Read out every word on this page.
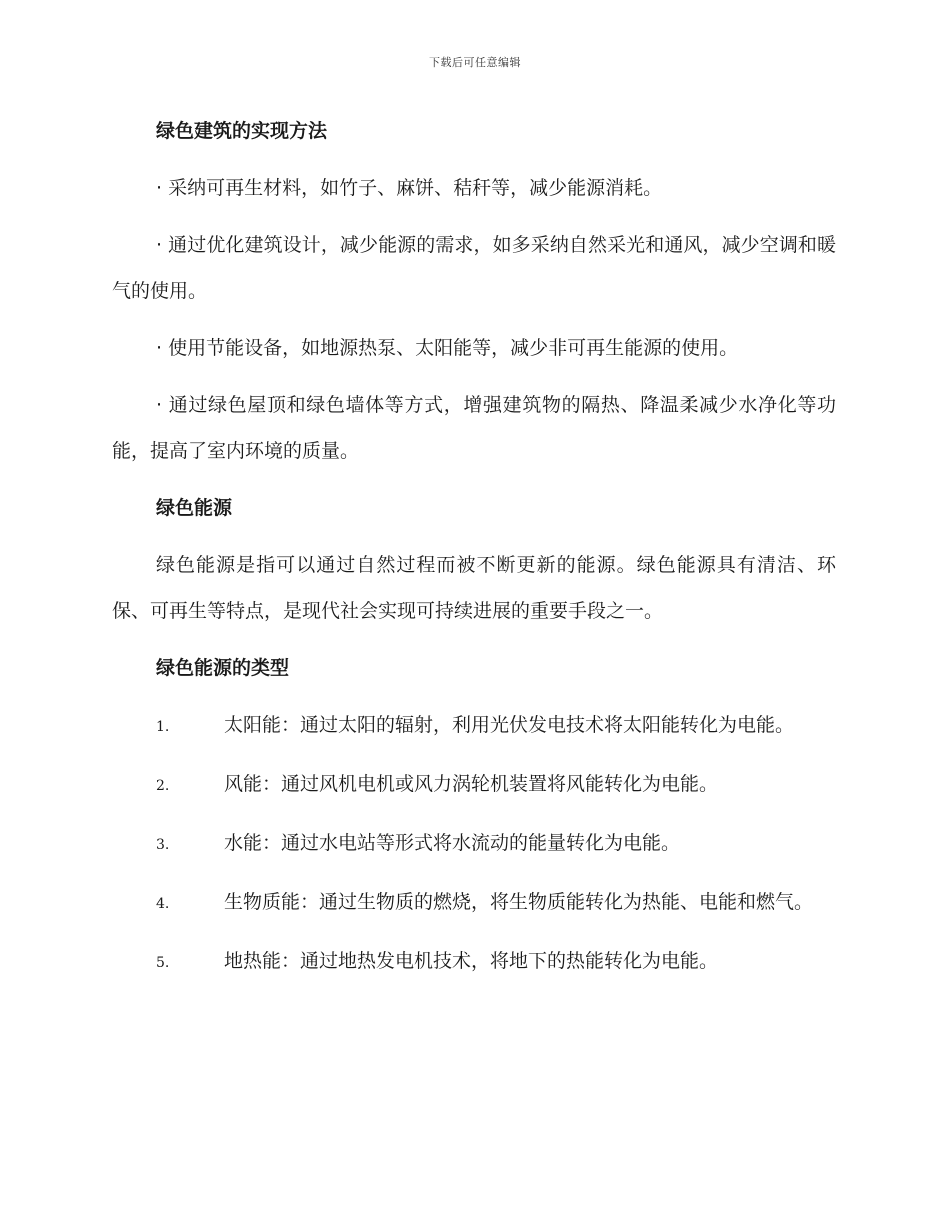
下载后可任意编辑
绿色建筑的实现方法

· 采纳可再生材料，如竹子、麻饼、秸秆等，减少能源消耗。

· 通过优化建筑设计，减少能源的需求，如多采纳自然采光和通风，减少空调和暖气的使用。

· 使用节能设备，如地源热泵、太阳能等，减少非可再生能源的使用。

· 通过绿色屋顶和绿色墙体等方式，增强建筑物的隔热、降温柔减少水净化等功能，提高了室内环境的质量。

绿色能源

绿色能源是指可以通过自然过程而被不断更新的能源。绿色能源具有清洁、环保、可再生等特点，是现代社会实现可持续进展的重要手段之一。

绿色能源的类型

1.	太阳能：通过太阳的辐射，利用光伏发电技术将太阳能转化为电能。

2.	风能：通过风机电机或风力涡轮机装置将风能转化为电能。

3.	水能：通过水电站等形式将水流动的能量转化为电能。

4.	生物质能：通过生物质的燃烧，将生物质能转化为热能、电能和燃气。

5.	地热能：通过地热发电机技术，将地下的热能转化为电能。
